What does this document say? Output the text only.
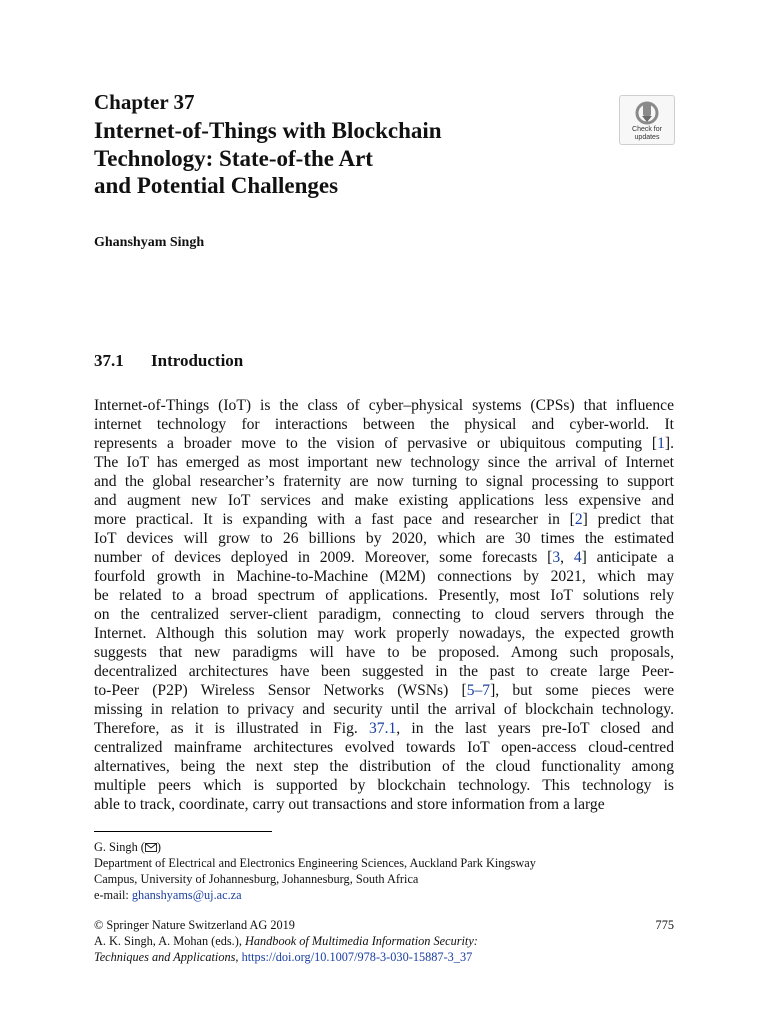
Chapter 37
Internet-of-Things with Blockchain
Technology: State-of-the Art
and Potential Challenges
Check for
updates
Ghanshyam Singh
37.1 Introduction
Internet-of-Things (IoT) is the class of cyber–physical systems (CPSs) that influence
internet technology for interactions between the physical and cyber-world. It
represents a broader move to the vision of pervasive or ubiquitous computing [1].
The IoT has emerged as most important new technology since the arrival of Internet
and the global researcher’s fraternity are now turning to signal processing to support
and augment new IoT services and make existing applications less expensive and
more practical. It is expanding with a fast pace and researcher in [2] predict that
IoT devices will grow to 26 billions by 2020, which are 30 times the estimated
number of devices deployed in 2009. Moreover, some forecasts [3, 4] anticipate a
fourfold growth in Machine-to-Machine (M2M) connections by 2021, which may
be related to a broad spectrum of applications. Presently, most IoT solutions rely
on the centralized server-client paradigm, connecting to cloud servers through the
Internet. Although this solution may work properly nowadays, the expected growth
suggests that new paradigms will have to be proposed. Among such proposals,
decentralized architectures have been suggested in the past to create large Peer-
to-Peer (P2P) Wireless Sensor Networks (WSNs) [5–7], but some pieces were
missing in relation to privacy and security until the arrival of blockchain technology.
Therefore, as it is illustrated in Fig. 37.1, in the last years pre-IoT closed and
centralized mainframe architectures evolved towards IoT open-access cloud-centred
alternatives, being the next step the distribution of the cloud functionality among
multiple peers which is supported by blockchain technology. This technology is
able to track, coordinate, carry out transactions and store information from a large
G. Singh ( )
Department of Electrical and Electronics Engineering Sciences, Auckland Park Kingsway
Campus, University of Johannesburg, Johannesburg, South Africa
e-mail: ghanshyams@uj.ac.za
© Springer Nature Switzerland AG 2019	775
A. K. Singh, A. Mohan (eds.), Handbook of Multimedia Information Security:
Techniques and Applications, https://doi.org/10.1007/978-3-030-15887-3_37
